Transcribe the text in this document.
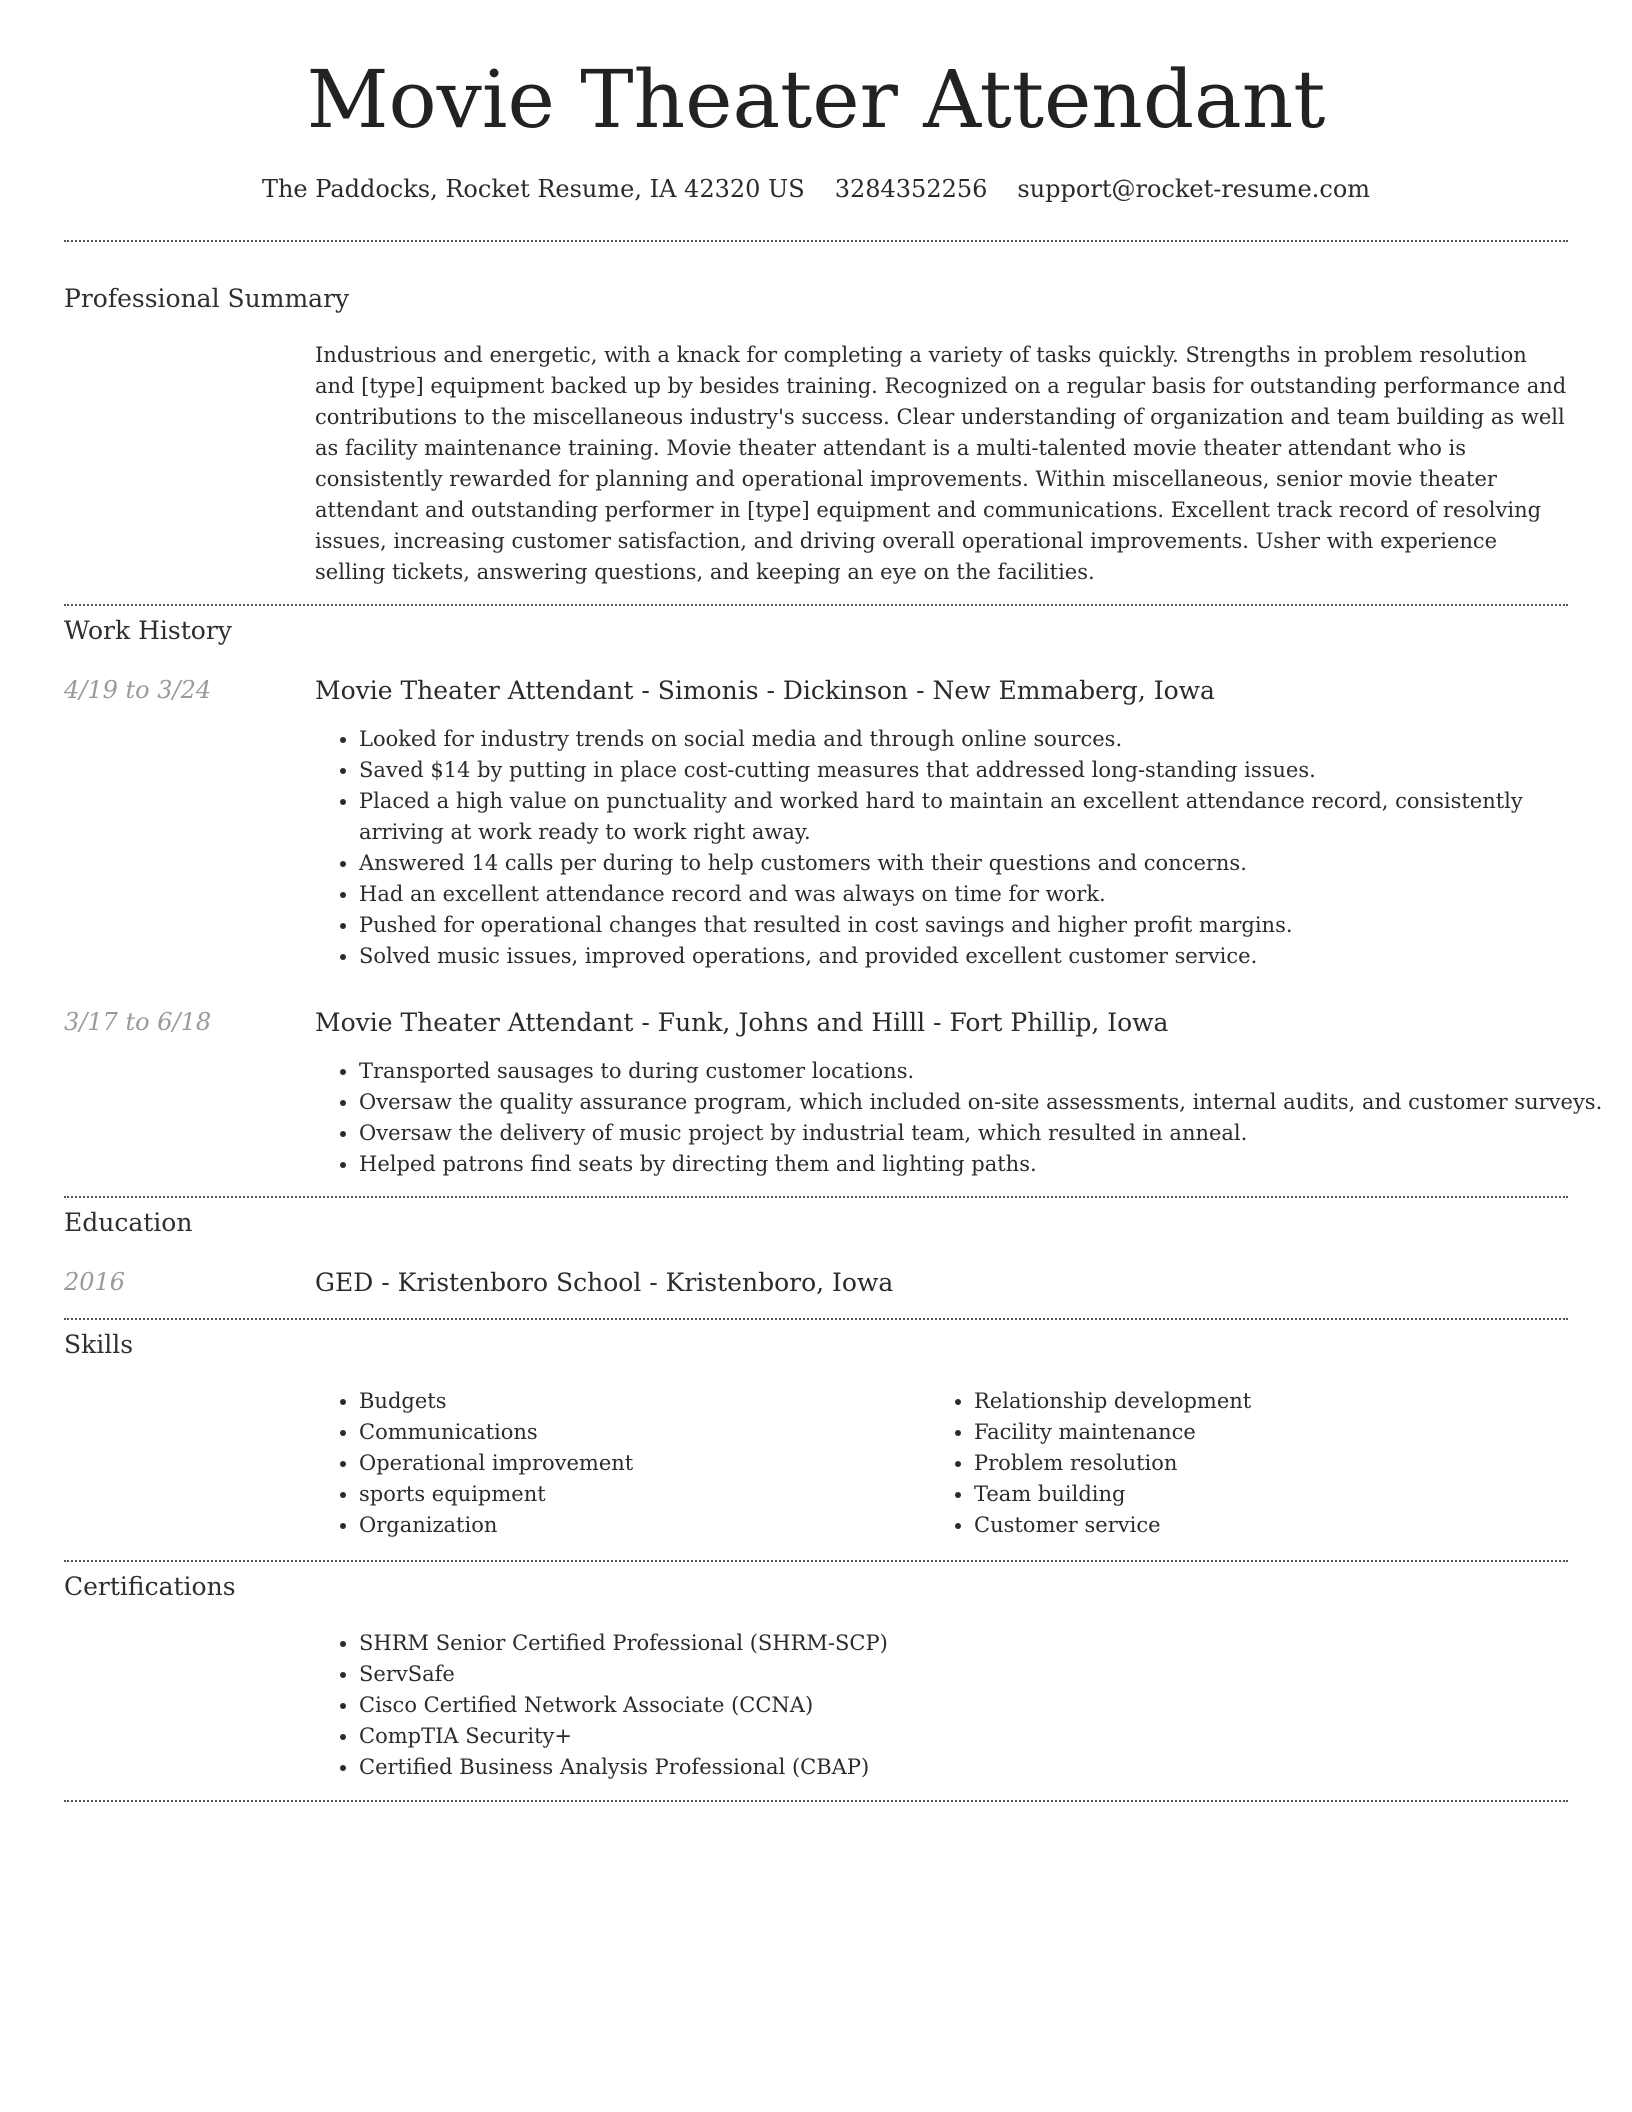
Movie Theater Attendant
The Paddocks, Rocket Resume, IA 42320 US 3284352256 support@rocket-resume.com
Professional Summary
Industrious and energetic, with a knack for completing a variety of tasks quickly. Strengths in problem resolution and [type] equipment backed up by besides training. Recognized on a regular basis for outstanding performance and contributions to the miscellaneous industry's success. Clear understanding of organization and team building as well as facility maintenance training. Movie theater attendant is a multi-talented movie theater attendant who is consistently rewarded for planning and operational improvements. Within miscellaneous, senior movie theater attendant and outstanding performer in [type] equipment and communications. Excellent track record of resolving issues, increasing customer satisfaction, and driving overall operational improvements. Usher with experience selling tickets, answering questions, and keeping an eye on the facilities.
Work History
4/19 to 3/24	Movie Theater Attendant - Simonis - Dickinson - New Emmaberg, Iowa
• Looked for industry trends on social media and through online sources.
• Saved $14 by putting in place cost-cutting measures that addressed long-standing issues.
• Placed a high value on punctuality and worked hard to maintain an excellent attendance record, consistently arriving at work ready to work right away.
• Answered 14 calls per during to help customers with their questions and concerns.
• Had an excellent attendance record and was always on time for work.
• Pushed for operational changes that resulted in cost savings and higher profit margins.
• Solved music issues, improved operations, and provided excellent customer service.
3/17 to 6/18	Movie Theater Attendant - Funk, Johns and Hilll - Fort Phillip, Iowa
• Transported sausages to during customer locations.
• Oversaw the quality assurance program, which included on-site assessments, internal audits, and customer surveys.
• Oversaw the delivery of music project by industrial team, which resulted in anneal.
• Helped patrons find seats by directing them and lighting paths.
Education
2016	GED - Kristenboro School - Kristenboro, Iowa
Skills
• Budgets
• Communications
• Operational improvement
• sports equipment
• Organization
• Relationship development
• Facility maintenance
• Problem resolution
• Team building
• Customer service
Certifications
• SHRM Senior Certified Professional (SHRM-SCP)
• ServSafe
• Cisco Certified Network Associate (CCNA)
• CompTIA Security+
• Certified Business Analysis Professional (CBAP)
